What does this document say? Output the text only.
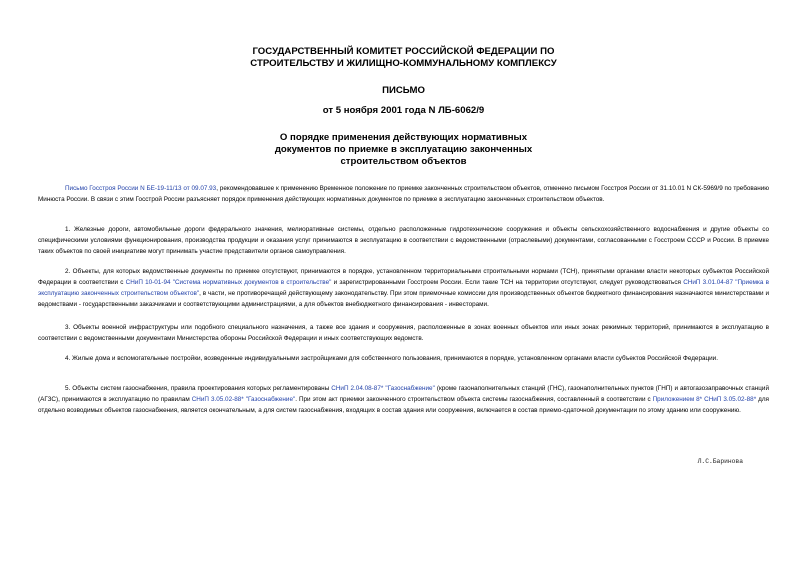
ГОСУДАРСТВЕННЫЙ КОМИТЕТ РОССИЙСКОЙ ФЕДЕРАЦИИ ПО
СТРОИТЕЛЬСТВУ И ЖИЛИЩНО-КОММУНАЛЬНОМУ КОМПЛЕКСУ
ПИСЬМО
от 5 ноября 2001 года N ЛБ-6062/9
О порядке применения действующих нормативных
документов по приемке в эксплуатацию законченных
строительством объектов
Письмо Госстроя России N БЕ-19-11/13 от 09.07.93, рекомендовавшее к применению Временное положение по приемке законченных строительством объектов, отменено письмом Госстроя России от 31.10.01 N СК-5969/9 по требованию Минюста России. В связи с этим Госстрой России разъясняет порядок применения действующих нормативных документов по приемке в эксплуатацию законченных строительством объектов.
1. Железные дороги, автомобильные дороги федерального значения, мелиоративные системы, отдельно расположенные гидротехнические сооружения и объекты сельскохозяйственного водоснабжения и другие объекты со специфическими условиями функционирования, производства продукции и оказания услуг принимаются в эксплуатацию в соответствии с ведомственными (отраслевыми) документами, согласованными с Госстроем СССР и России. В приемке таких объектов по своей инициативе могут принимать участие представители органов самоуправления.
2. Объекты, для которых ведомственные документы по приемке отсутствуют, принимаются в порядке, установленном территориальными строительными нормами (ТСН), принятыми органами власти некоторых субъектов Российской Федерации в соответствии с СНиП 10-01-94 "Система нормативных документов в строительстве" и зарегистрированными Госстроем России. Если такие ТСН на территории отсутствуют, следует руководствоваться СНиП 3.01.04-87 "Приемка в эксплуатацию законченных строительством объектов", в части, не противоречащей действующему законодательству. При этом приемочные комиссии для производственных объектов бюджетного финансирования назначаются министерствами и ведомствами - государственными заказчиками и соответствующими администрациями, а для объектов внебюджетного финансирования - инвесторами.
3. Объекты военной инфраструктуры или подобного специального назначения, а также все здания и сооружения, расположенные в зонах военных объектов или иных зонах режимных территорий, принимаются в эксплуатацию в соответствии с ведомственными документами Министерства обороны Российской Федерации и иных соответствующих ведомств.
4. Жилые дома и вспомогательные постройки, возведенные индивидуальными застройщиками для собственного пользования, принимаются в порядке, установленном органами власти субъектов Российской Федерации.
5. Объекты систем газоснабжения, правила проектирования которых регламентированы СНиП 2.04.08-87* "Газоснабжение" (кроме газонаполнительных станций (ГНС), газонаполнительных пунктов (ГНП) и автогазозаправочных станций (АГЗС), принимаются в эксплуатацию по правилам СНиП 3.05.02-88* "Газоснабжение". При этом акт приемки законченного строительством объекта системы газоснабжения, составленный в соответствии с Приложением 8* СНиП 3.05.02-88* для отдельно возводимых объектов газоснабжения, является окончательным, а для систем газоснабжения, входящих в состав здания или сооружения, включается в состав приемо-сдаточной документации по этому зданию или сооружению.
Л.С.Баринова
